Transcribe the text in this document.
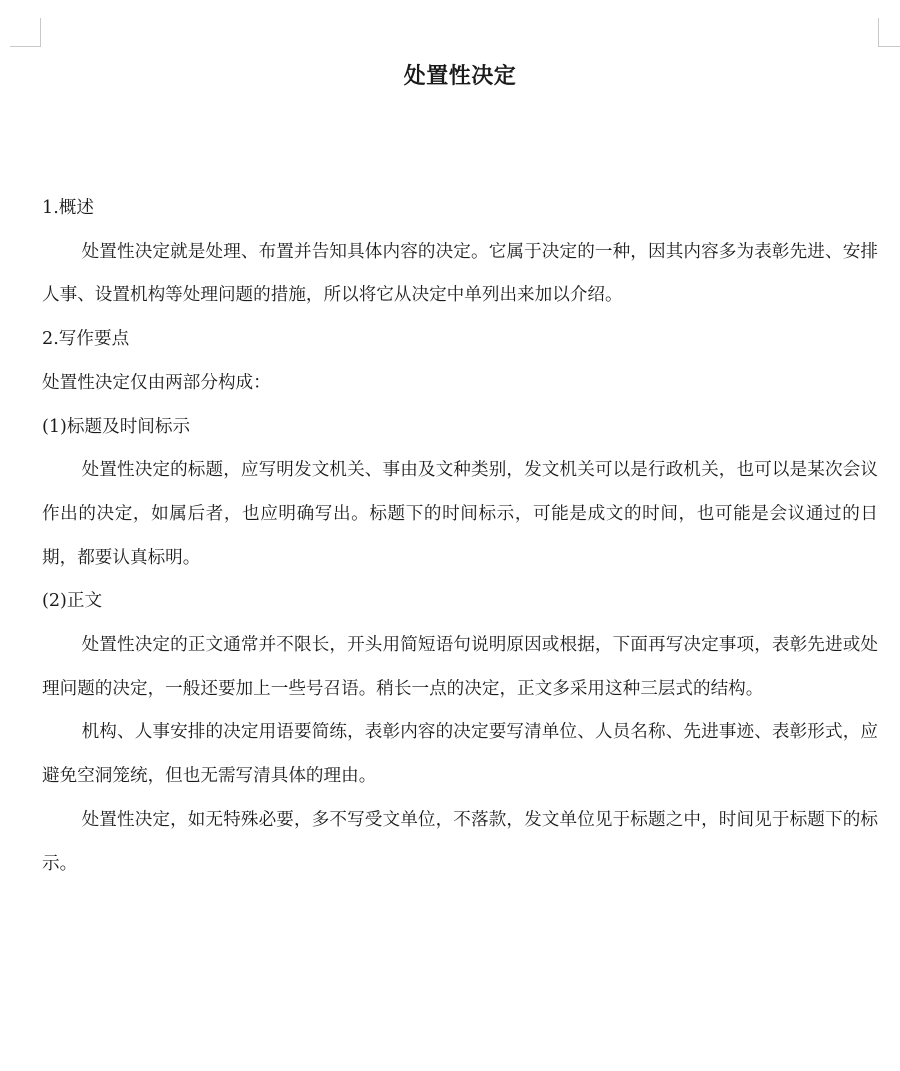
处置性决定

1.概述

处置性决定就是处理、布置并告知具体内容的决定。它属于决定的一种，因其内容多为表彰先进、安排人事、设置机构等处理问题的措施，所以将它从决定中单列出来加以介绍。

2.写作要点

处置性决定仅由两部分构成：

(1)标题及时间标示

处置性决定的标题，应写明发文机关、事由及文种类别，发文机关可以是行政机关，也可以是某次会议作出的决定，如属后者，也应明确写出。标题下的时间标示，可能是成文的时间，也可能是会议通过的日期，都要认真标明。

(2)正文

处置性决定的正文通常并不限长，开头用简短语句说明原因或根据，下面再写决定事项，表彰先进或处理问题的决定，一般还要加上一些号召语。稍长一点的决定，正文多采用这种三层式的结构。

机构、人事安排的决定用语要简练，表彰内容的决定要写清单位、人员名称、先进事迹、表彰形式，应避免空洞笼统，但也无需写清具体的理由。

处置性决定，如无特殊必要，多不写受文单位，不落款，发文单位见于标题之中，时间见于标题下的标示。
